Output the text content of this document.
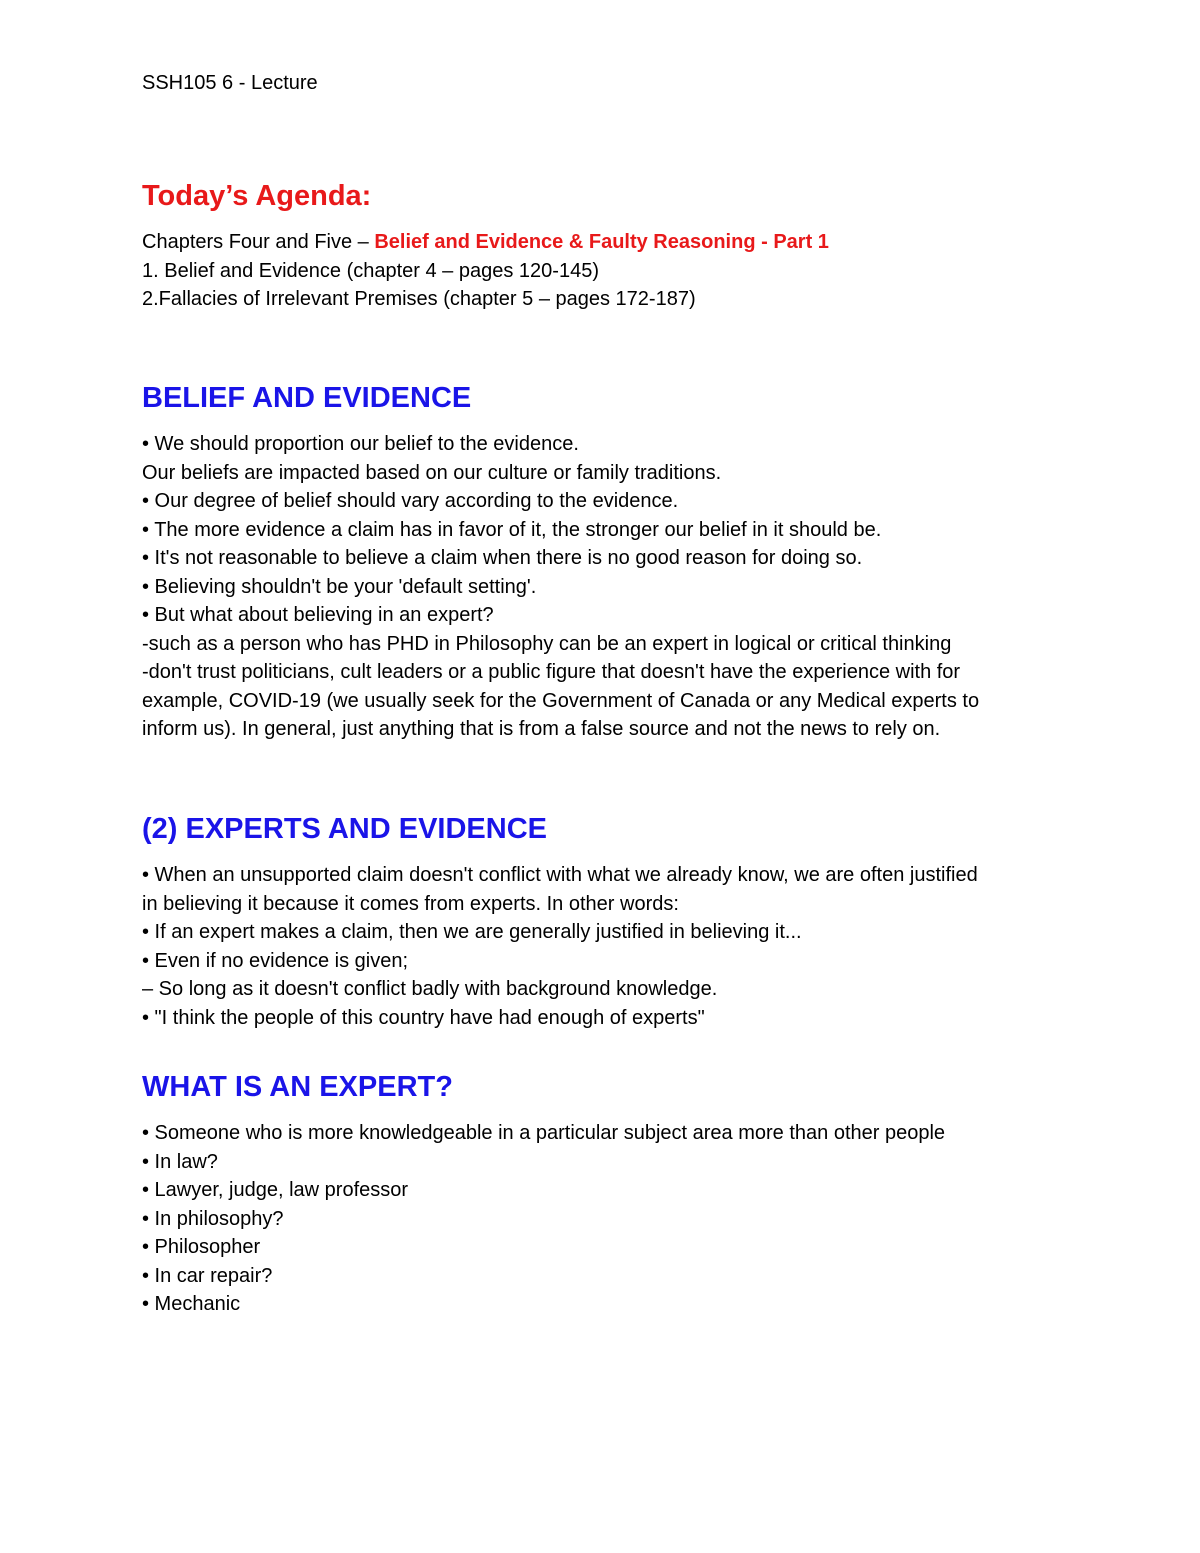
SSH105 6 - Lecture
Today’s Agenda:
Chapters Four and Five – Belief and Evidence & Faulty Reasoning - Part 1
1. Belief and Evidence (chapter 4 – pages 120-145)
2.Fallacies of Irrelevant Premises (chapter 5 – pages 172-187)
BELIEF AND EVIDENCE
• We should proportion our belief to the evidence.
Our beliefs are impacted based on our culture or family traditions.
• Our degree of belief should vary according to the evidence.
• The more evidence a claim has in favor of it, the stronger our belief in it should be.
• It's not reasonable to believe a claim when there is no good reason for doing so.
• Believing shouldn't be your 'default setting'.
• But what about believing in an expert?
-such as a person who has PHD in Philosophy can be an expert in logical or critical thinking
-don't trust politicians, cult leaders or a public figure that doesn't have the experience with for
example, COVID-19 (we usually seek for the Government of Canada or any Medical experts to
inform us). In general, just anything that is from a false source and not the news to rely on.
(2) EXPERTS AND EVIDENCE
• When an unsupported claim doesn't conflict with what we already know, we are often justified
in believing it because it comes from experts. In other words:
• If an expert makes a claim, then we are generally justified in believing it...
• Even if no evidence is given;
– So long as it doesn't conflict badly with background knowledge.
• "I think the people of this country have had enough of experts"
WHAT IS AN EXPERT?
• Someone who is more knowledgeable in a particular subject area more than other people
• In law?
• Lawyer, judge, law professor
• In philosophy?
• Philosopher
• In car repair?
• Mechanic
